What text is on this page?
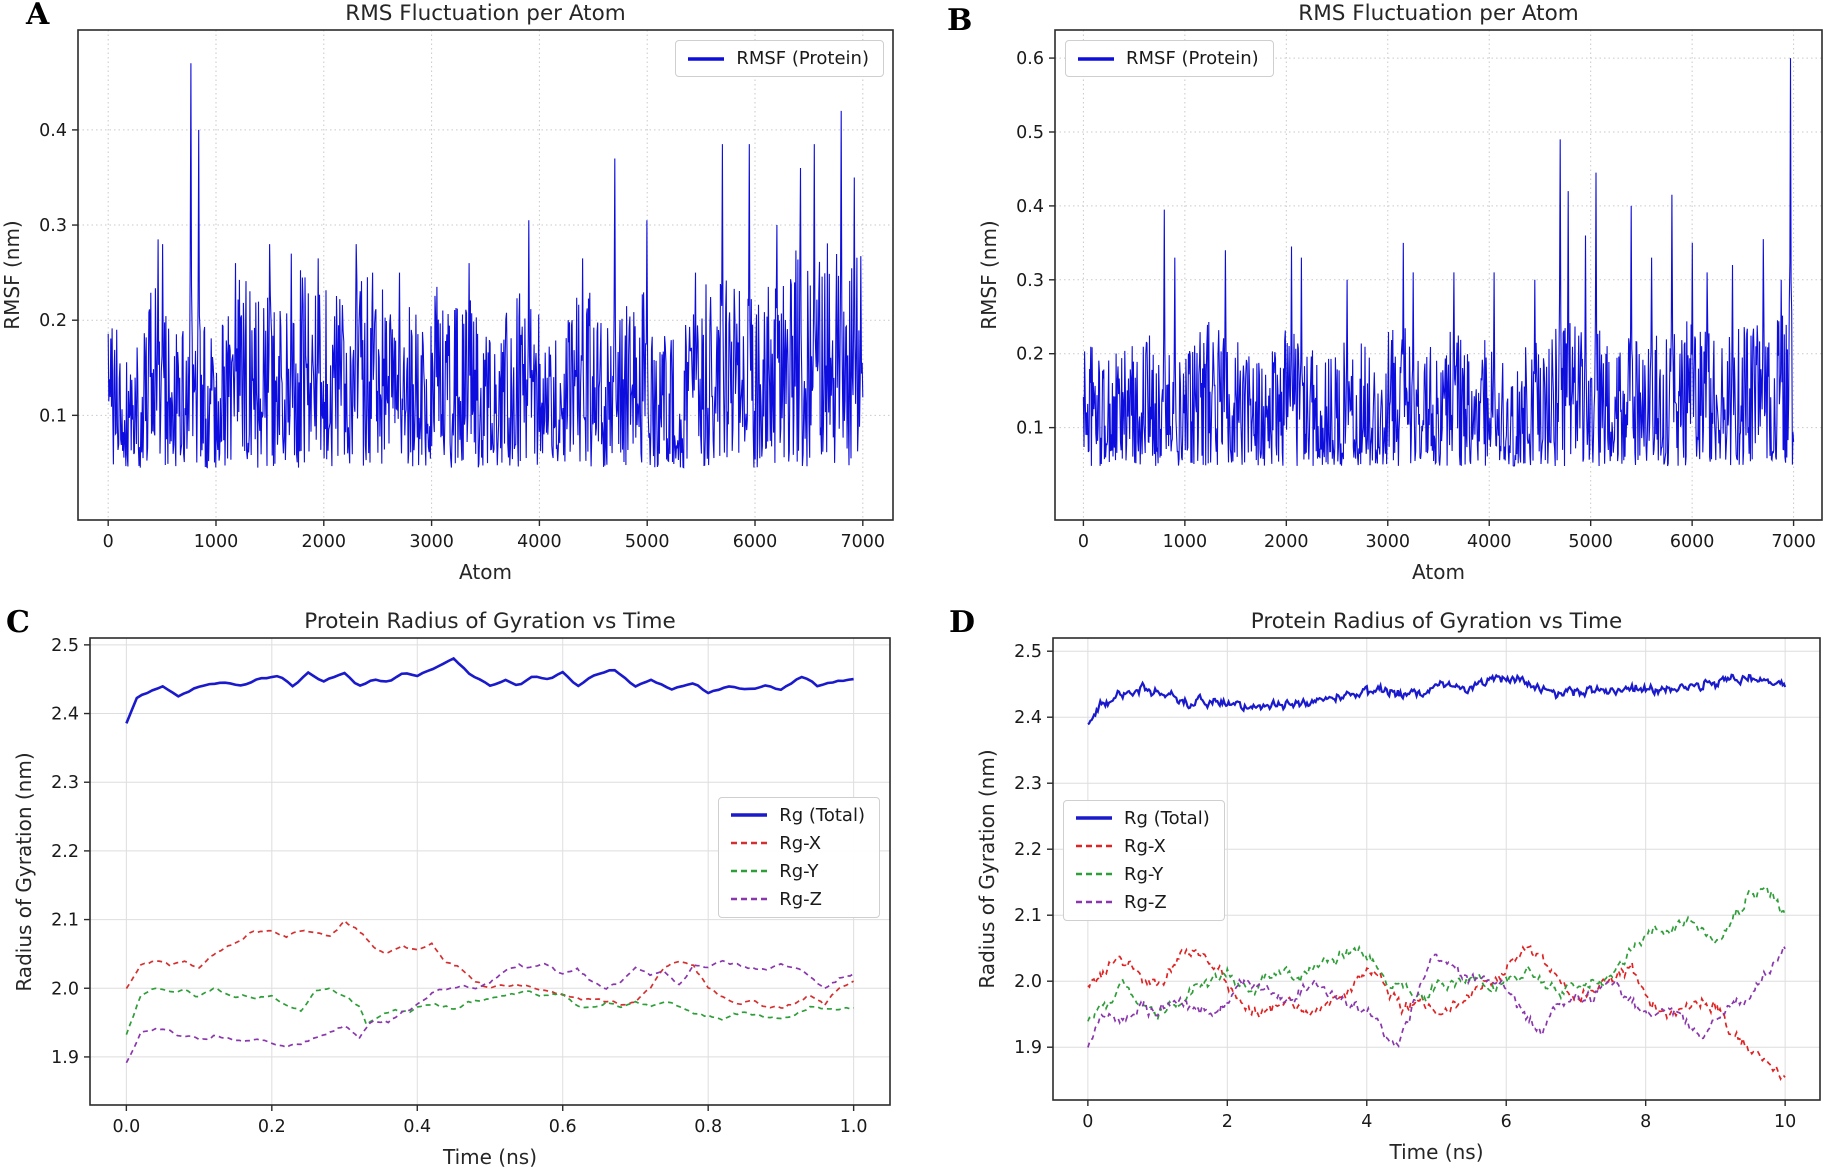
A	RMS Fluctuation per Atom
Atom
RMSF (nm)
0	1000	2000	3000	4000	5000	6000	7000
0.1
0.2
0.3
0.4
RMSF (Protein)
B	RMS Fluctuation per Atom
Atom
RMSF (nm)
0	1000	2000	3000	4000	5000	6000	7000
0.1
0.2
0.3
0.4
0.5
0.6	RMSF (Protein)
C	Protein Radius of Gyration vs Time
Time (ns)
Radius of Gyration (nm)
0.0	0.2	0.4	0.6	0.8	1.0
1.9
2.0
2.1
2.2
2.3
2.4
2.5
Rg (Total)
Rg-X
Rg-Y
Rg-Z
D	Protein Radius of Gyration vs Time
Time (ns)
Radius of Gyration (nm)
0	2	4	6	8	10
1.9
2.0
2.1
2.2
2.3
2.4
2.5
Rg (Total)
Rg-X
Rg-Y
Rg-Z
